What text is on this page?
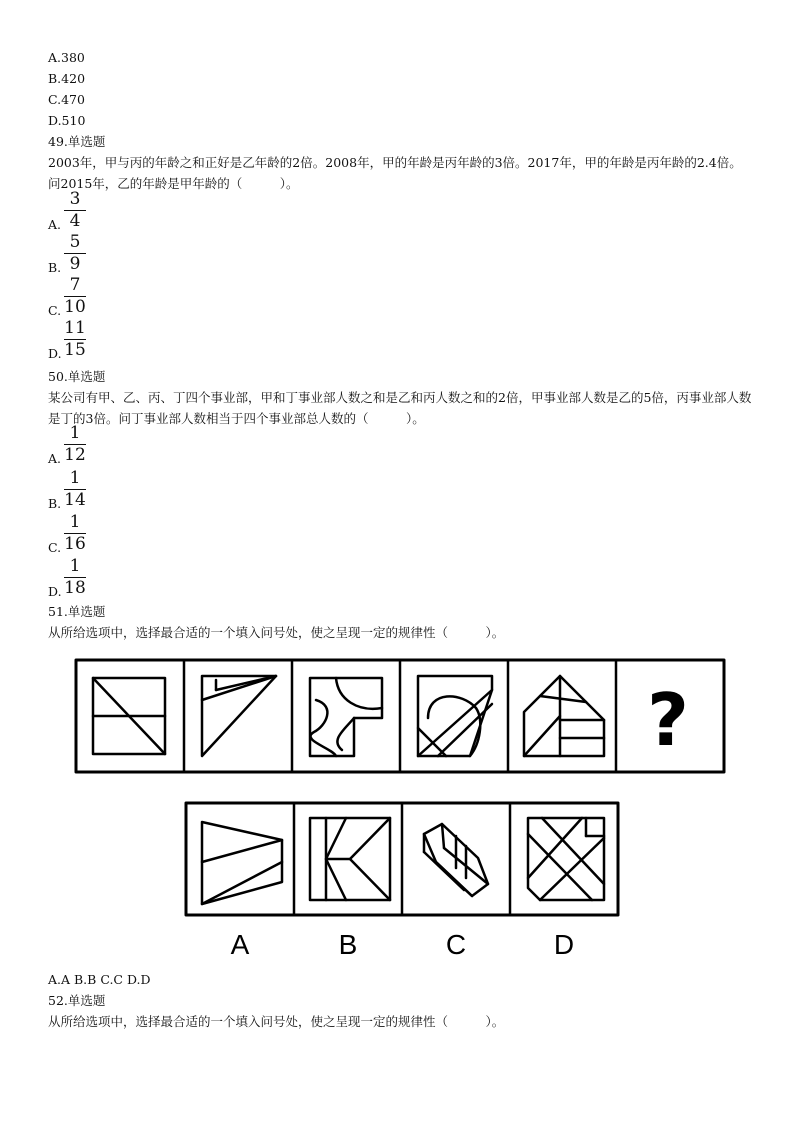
A.380
B.420
C.470
D.510
49.单选题
2003年，甲与丙的年龄之和正好是乙年龄的2倍。2008年，甲的年龄是丙年龄的3倍。2017年，甲的年龄是丙年龄的2.4倍。问2015年，乙的年龄是甲年龄的（　　　）。
A.
3
4
B.
5
9
C.
7
10
D.
11
15
50.单选题
某公司有甲、乙、丙、丁四个事业部，甲和丁事业部人数之和是乙和丙人数之和的2倍，甲事业部人数是乙的5倍，丙事业部人数是丁的3倍。问丁事业部人数相当于四个事业部总人数的（　　　）。
A.
1
12
B.
1
14
C.
1
16
D.
1
18
51.单选题
从所给选项中，选择最合适的一个填入问号处，使之呈现一定的规律性（　　　）。
?
A	B	C	D
A.A B.B C.C D.D
52.单选题
从所给选项中，选择最合适的一个填入问号处，使之呈现一定的规律性（　　　）。
